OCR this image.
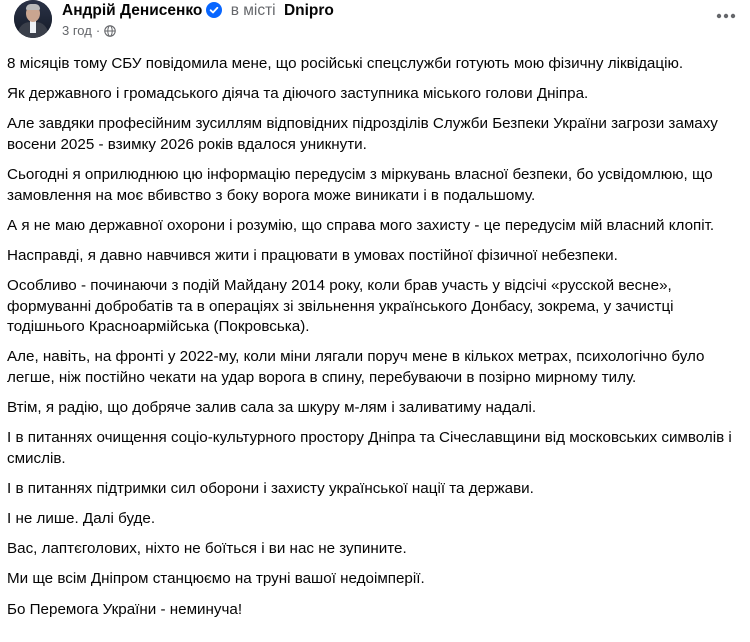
Андрій Денисенко в місті Dnipro
3 год ·

8 місяців тому СБУ повідомила мене, що російські спецслужби готують мою фізичну ліквідацію.

Як державного і громадського діяча та діючого заступника міського голови Дніпра.

Але завдяки професійним зусиллям відповідних підрозділів Служби Безпеки України загрози замаху восени 2025 - взимку 2026 років вдалося уникнути.

Сьогодні я оприлюднюю цю інформацію передусім з міркувань власної безпеки, бо усвідомлюю, що замовлення на моє вбивство з боку ворога може виникати і в подальшому.

А я не маю державної охорони і розумію, що справа мого захисту - це передусім мій власний клопіт.

Насправді, я давно навчився жити і працювати в умовах постійної фізичної небезпеки.

Особливо - починаючи з подій Майдану 2014 року, коли брав участь у відсічі «русской весне», формуванні добробатів та в операціях зі звільнення українського Донбасу, зокрема, у зачистці тодішнього Красноармійська (Покровська).

Але, навіть, на фронті у 2022-му, коли міни лягали поруч мене в кількох метрах, психологічно було легше, ніж постійно чекати на удар ворога в спину, перебуваючи в позірно мирному тилу.

Втім, я радію, що добряче залив сала за шкуру м-лям і заливатиму надалі.

І в питаннях очищення соціо-культурного простору Дніпра та Січеславщини від московських символів і смислів.

І в питаннях підтримки сил оборони і захисту української нації та держави.

І не лише. Далі буде.

Вас, лаптєголових, ніхто не боїться і ви нас не зупините.

Ми ще всім Дніпром станцюємо на труні вашої недоімперії.

Бо Перемога України - неминуча!
